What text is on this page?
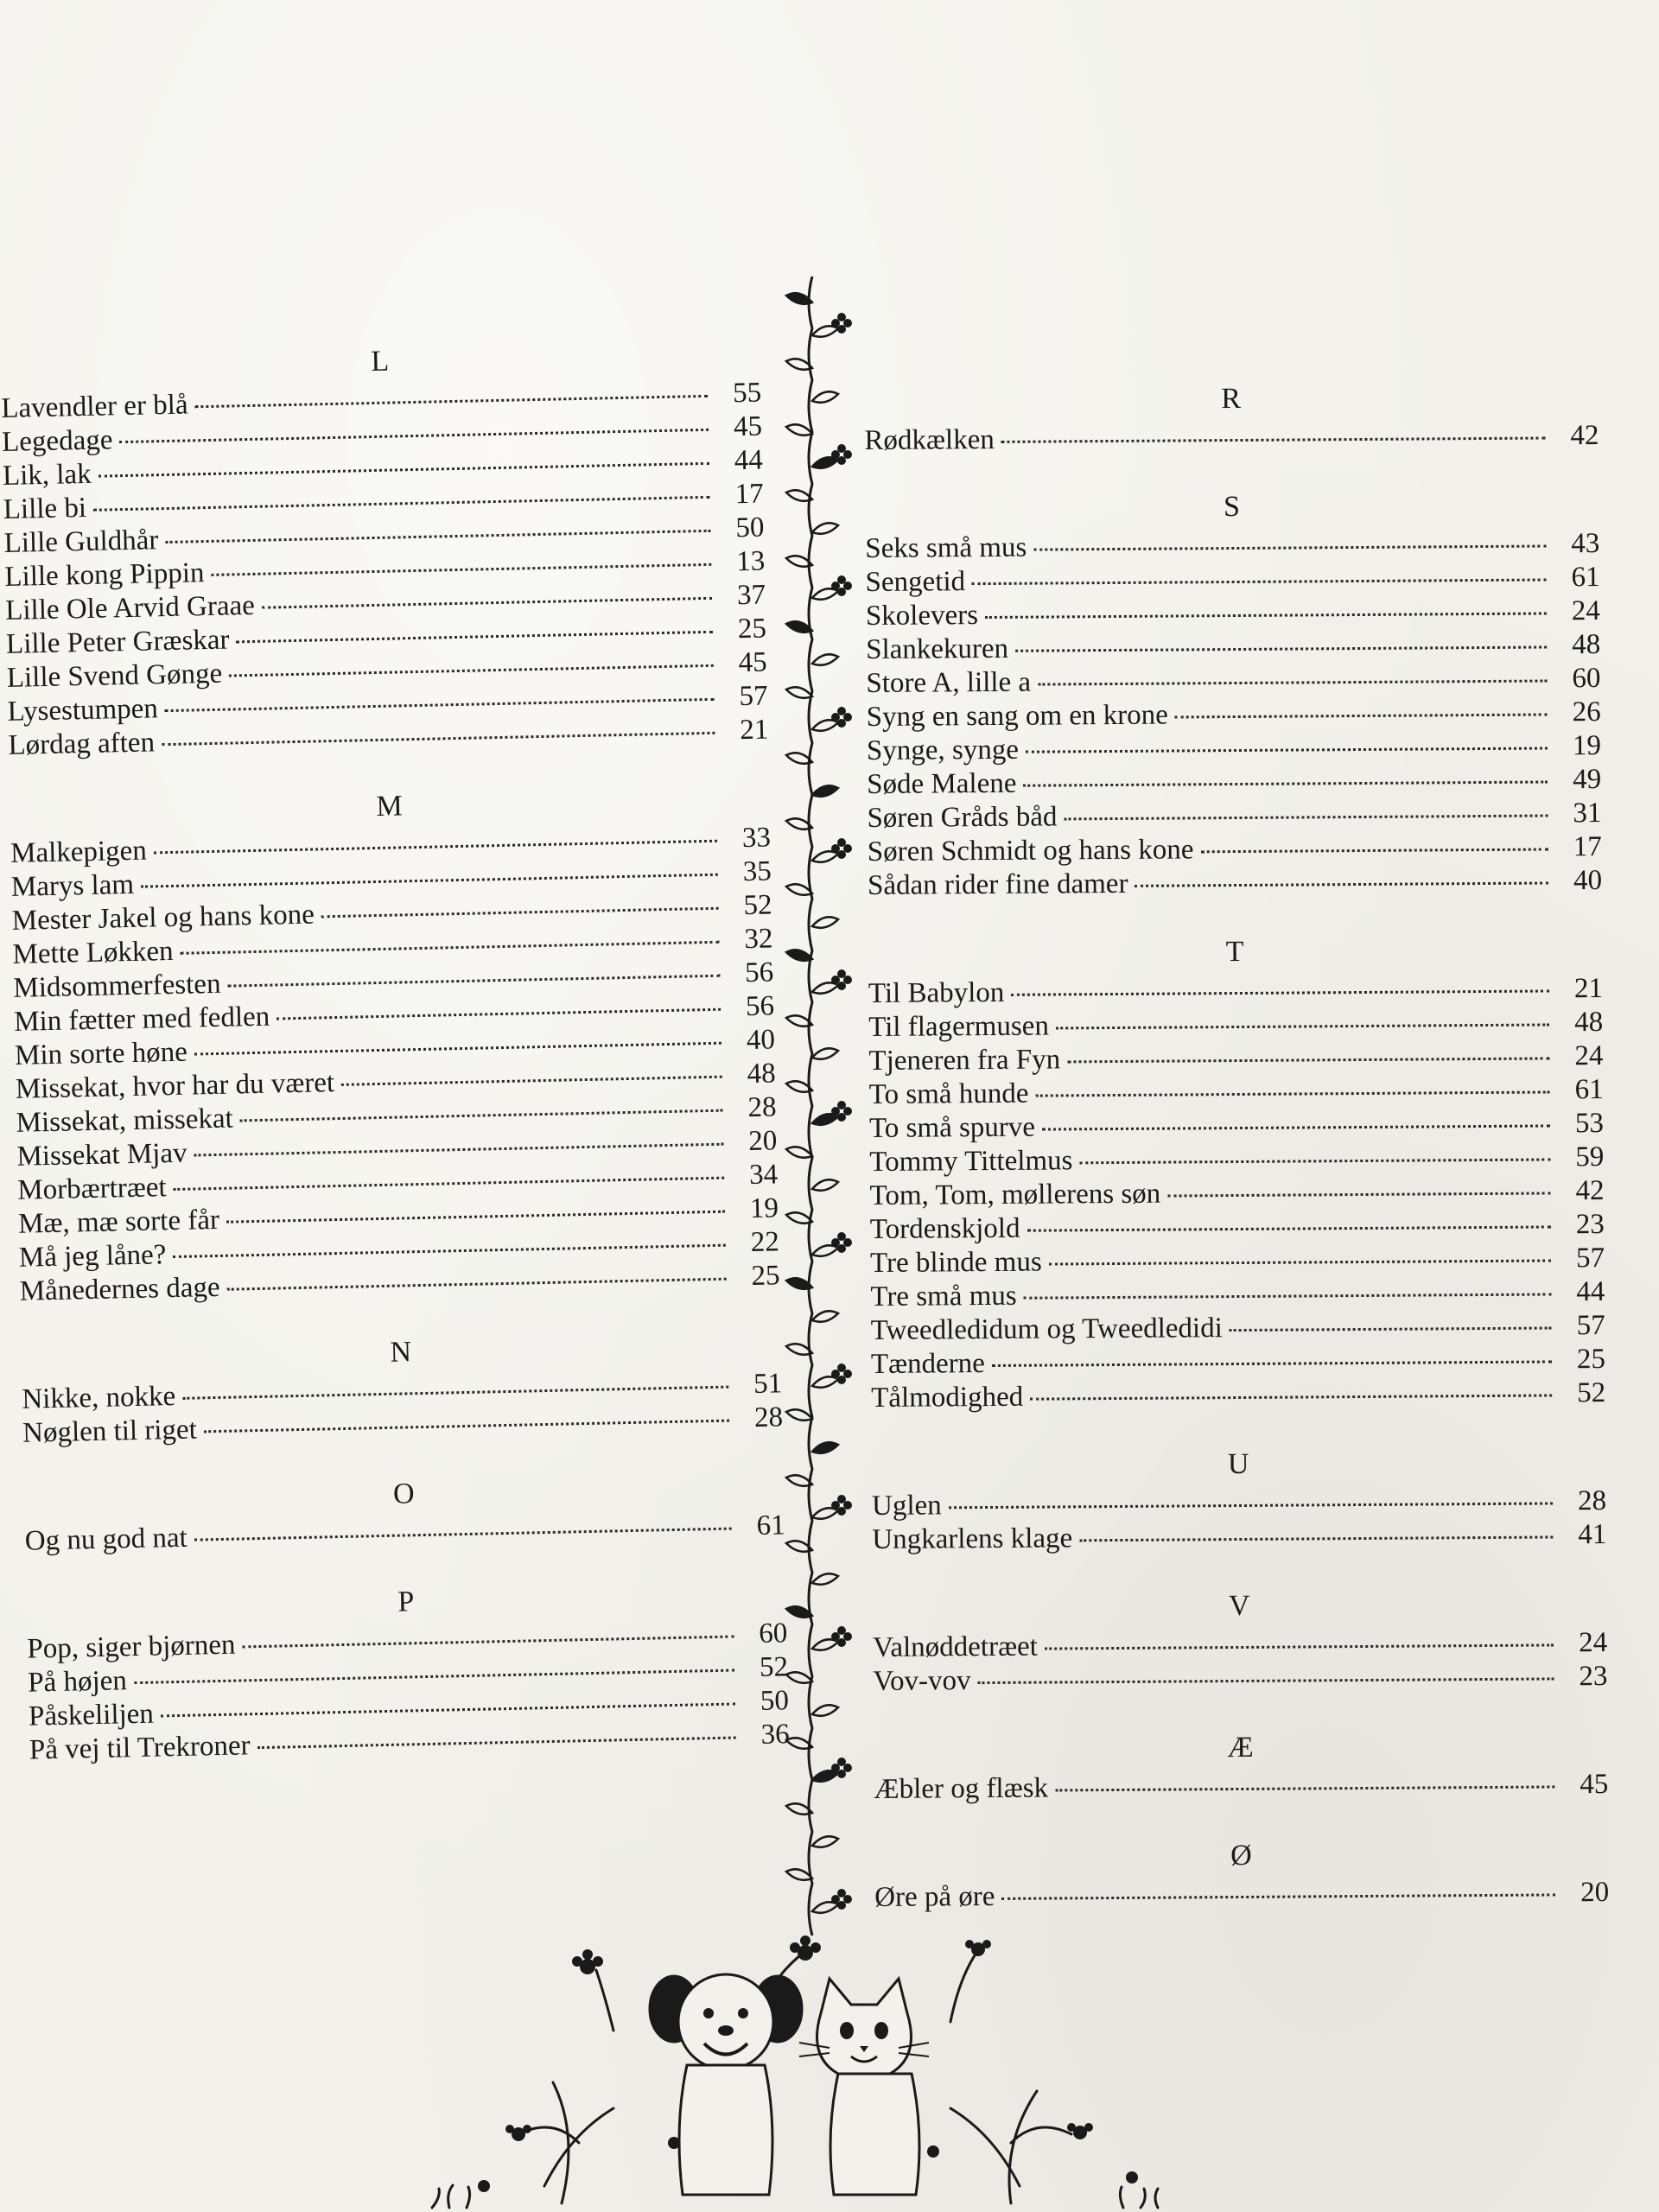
L
Lavendler er blå	55
Legedage	45
Lik, lak	44
Lille bi	17
Lille Guldhår	50
Lille kong Pippin	13
Lille Ole Arvid Graae	37
Lille Peter Græskar	25
Lille Svend Gønge	45
Lysestumpen	57
Lørdag aften	21
M
Malkepigen	33
Marys lam	35
Mester Jakel og hans kone	52
Mette Løkken	32
Midsommerfesten	56
Min fætter med fedlen	56
Min sorte høne	40
Missekat, hvor har du været	48
Missekat, missekat	28
Missekat Mjav	20
Morbærtræet	34
Mæ, mæ sorte får	19
Må jeg låne?	22
Månedernes dage	25
N
Nikke, nokke	51
Nøglen til riget	28
O
Og nu god nat	61
P
Pop, siger bjørnen	60
På højen	52
Påskeliljen	50
På vej til Trekroner	36
R
Rødkælken	42
S
Seks små mus	43
Sengetid	61
Skolevers	24
Slankekuren	48
Store A, lille a	60
Syng en sang om en krone	26
Synge, synge	19
Søde Malene	49
Søren Gråds båd	31
Søren Schmidt og hans kone	17
Sådan rider fine damer	40
T
Til Babylon	21
Til flagermusen	48
Tjeneren fra Fyn	24
To små hunde	61
To små spurve	53
Tommy Tittelmus	59
Tom, Tom, møllerens søn	42
Tordenskjold	23
Tre blinde mus	57
Tre små mus	44
Tweedledidum og Tweedledidi	57
Tænderne	25
Tålmodighed	52
U
Uglen	28
Ungkarlens klage	41
V
Valnøddetræet	24
Vov-vov	23
Æ
Æbler og flæsk	45
Ø
Øre på øre	20
